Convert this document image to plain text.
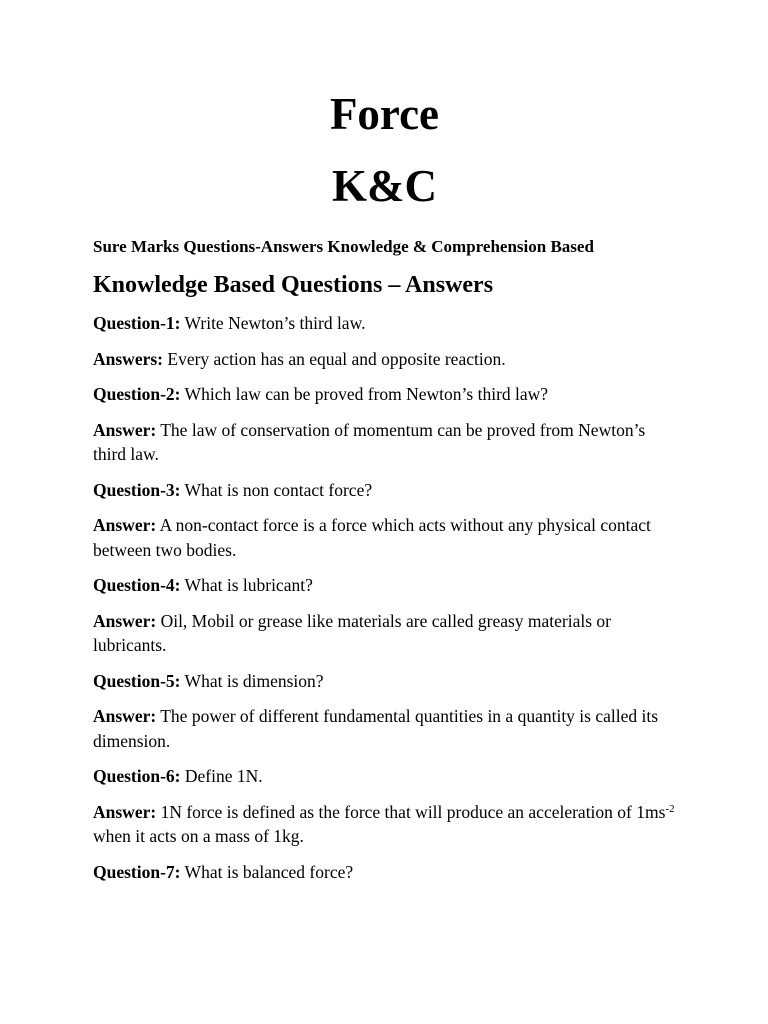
Force
K&C

Sure Marks Questions-Answers Knowledge & Comprehension Based

Knowledge Based Questions – Answers

Question-1: Write Newton’s third law.

Answers: Every action has an equal and opposite reaction.

Question-2: Which law can be proved from Newton’s third law?

Answer: The law of conservation of momentum can be proved from Newton’s third law.

Question-3: What is non contact force?

Answer: A non-contact force is a force which acts without any physical contact between two bodies.

Question-4: What is lubricant?

Answer: Oil, Mobil or grease like materials are called greasy materials or lubricants.

Question-5: What is dimension?

Answer: The power of different fundamental quantities in a quantity is called its dimension.

Question-6: Define 1N.

Answer: 1N force is defined as the force that will produce an acceleration of $1ms^{-2}$ when it acts on a mass of 1kg.

Question-7: What is balanced force?
